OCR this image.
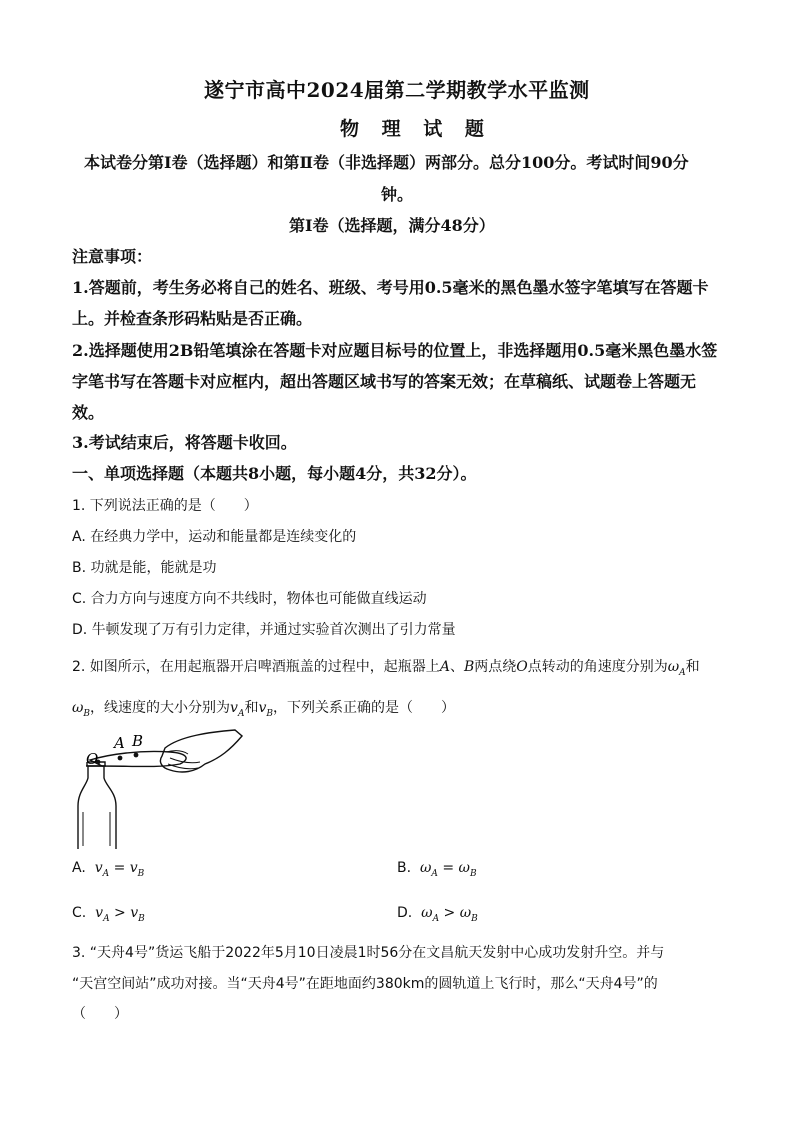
遂宁市高中2024届第二学期教学水平监测
物 理 试 题
本试卷分第Ⅰ卷（选择题）和第Ⅱ卷（非选择题）两部分。总分100分。考试时间90分
钟。
第Ⅰ卷（选择题，满分48分）
注意事项：
1.答题前，考生务必将自己的姓名、班级、考号用0.5毫米的黑色墨水签字笔填写在答题卡
上。并检查条形码粘贴是否正确。
2.选择题使用2B铅笔填涂在答题卡对应题目标号的位置上，非选择题用0.5毫米黑色墨水签
字笔书写在答题卡对应框内，超出答题区域书写的答案无效；在草稿纸、试题卷上答题无
效。
3.考试结束后，将答题卡收回。
一、单项选择题（本题共8小题，每小题4分，共32分）。
1. 下列说法正确的是（　　）
A. 在经典力学中，运动和能量都是连续变化的
B. 功就是能，能就是功
C. 合力方向与速度方向不共线时，物体也可能做直线运动
D. 牛顿发现了万有引力定律，并通过实验首次测出了引力常量
2. 如图所示，在用起瓶器开启啤酒瓶盖的过程中，起瓶器上A、B两点绕O点转动的角速度分别为$\omega_A$和
$\omega_B$，线速度的大小分别为$v_A$和$v_B$，下列关系正确的是（　　）
O
A B
A. $v_A = v_B$	B. $\omega_A = \omega_B$
C. $v_A > v_B$	D. $\omega_A > \omega_B$
3. “天舟4号”货运飞船于2022年5月10日凌晨1时56分在文昌航天发射中心成功发射升空。并与
“天宫空间站”成功对接。当“天舟4号”在距地面约380km的圆轨道上飞行时，那么“天舟4号”的
（　　）
